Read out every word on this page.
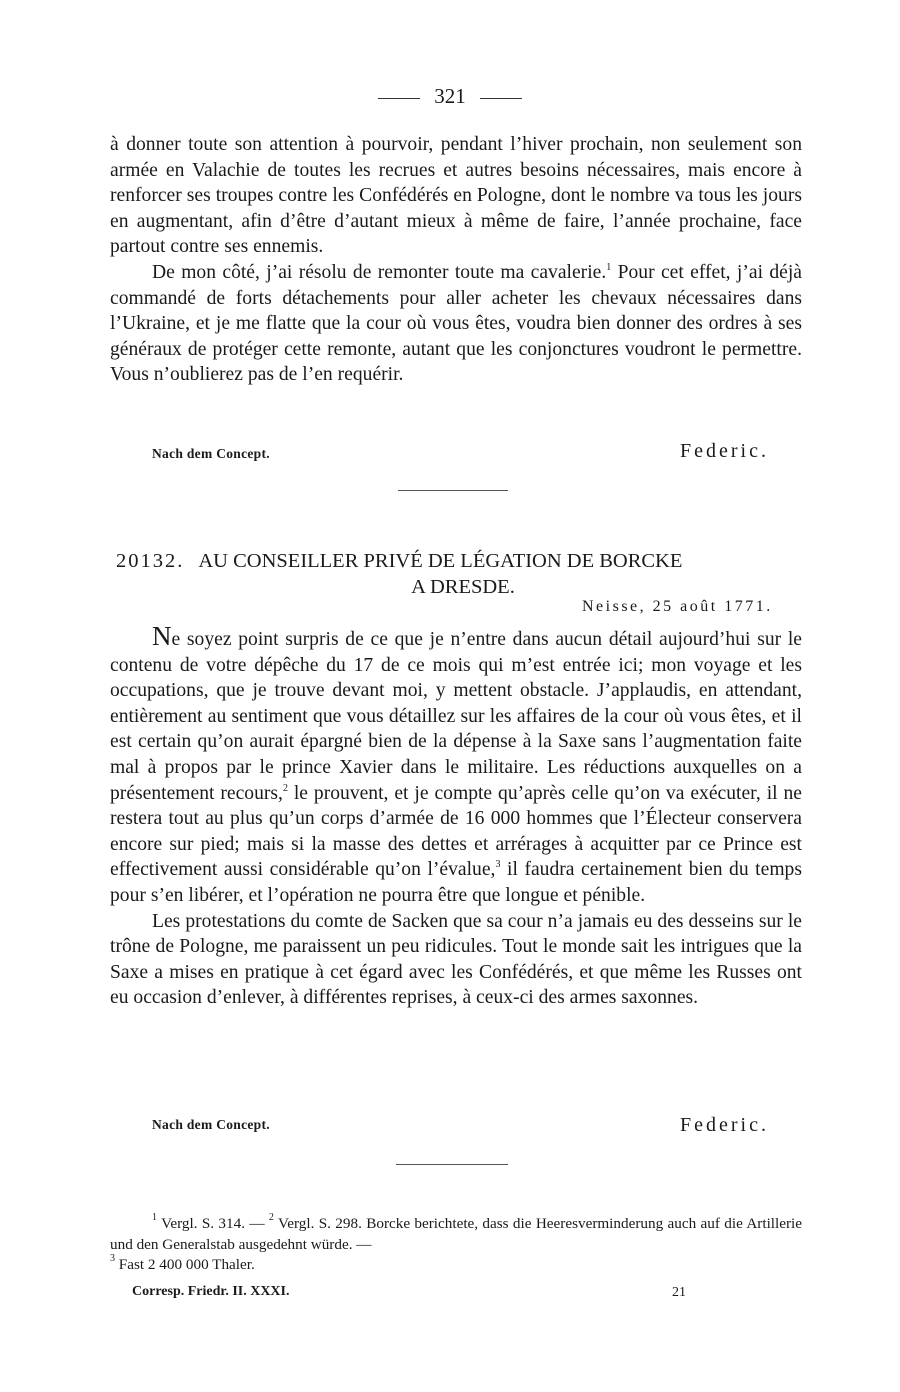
321

à donner toute son attention à pourvoir, pendant l’hiver prochain, non seulement son armée en Valachie de toutes les recrues et autres besoins nécessaires, mais encore à renforcer ses troupes contre les Confédérés en Pologne, dont le nombre va tous les jours en augmentant, afin d’être d’autant mieux à même de faire, l’année prochaine, face partout contre ses ennemis.

De mon côté, j’ai résolu de remonter toute ma cavalerie.$^1$ Pour cet effet, j’ai déjà commandé de forts détachements pour aller acheter les chevaux nécessaires dans l’Ukraine, et je me flatte que la cour où vous êtes, voudra bien donner des ordres à ses généraux de protéger cette remonte, autant que les conjonctures voudront le permettre. Vous n’oublierez pas de l’en requérir.

Nach dem Concept.	Federic.
20132. AU CONSEILLER PRIVÉ DE LÉGATION DE BORCKE
A DRESDE.
Neisse, 25 août 1771.

Ne soyez point surpris de ce que je n’entre dans aucun détail aujourd’hui sur le contenu de votre dépêche du 17 de ce mois qui m’est entrée ici; mon voyage et les occupations, que je trouve devant moi, y mettent obstacle. J’applaudis, en attendant, entièrement au sentiment que vous détaillez sur les affaires de la cour où vous êtes, et il est certain qu’on aurait épargné bien de la dépense à la Saxe sans l’augmentation faite mal à propos par le prince Xavier dans le militaire. Les réductions auxquelles on a présentement recours,$^2$ le prouvent, et je compte qu’après celle qu’on va exécuter, il ne restera tout au plus qu’un corps d’armée de 16 000 hommes que l’Électeur conservera encore sur pied; mais si la masse des dettes et arrérages à acquitter par ce Prince est effectivement aussi considérable qu’on l’évalue,$^3$ il faudra certainement bien du temps pour s’en libérer, et l’opération ne pourra être que longue et pénible.

Les protestations du comte de Sacken que sa cour n’a jamais eu des desseins sur le trône de Pologne, me paraissent un peu ridicules. Tout le monde sait les intrigues que la Saxe a mises en pratique à cet égard avec les Confédérés, et que même les Russes ont eu occasion d’enlever, à différentes reprises, à ceux-ci des armes saxonnes.

Nach dem Concept.	Federic.

$^1$ Vergl. S. 314. — $^2$ Vergl. S. 298. Borcke berichtete, dass die Heeresverminderung auch auf die Artillerie und den Generalstab ausgedehnt würde. —

$^3$ Fast 2 400 000 Thaler.

Corresp. Friedr. II. XXXI.	21
